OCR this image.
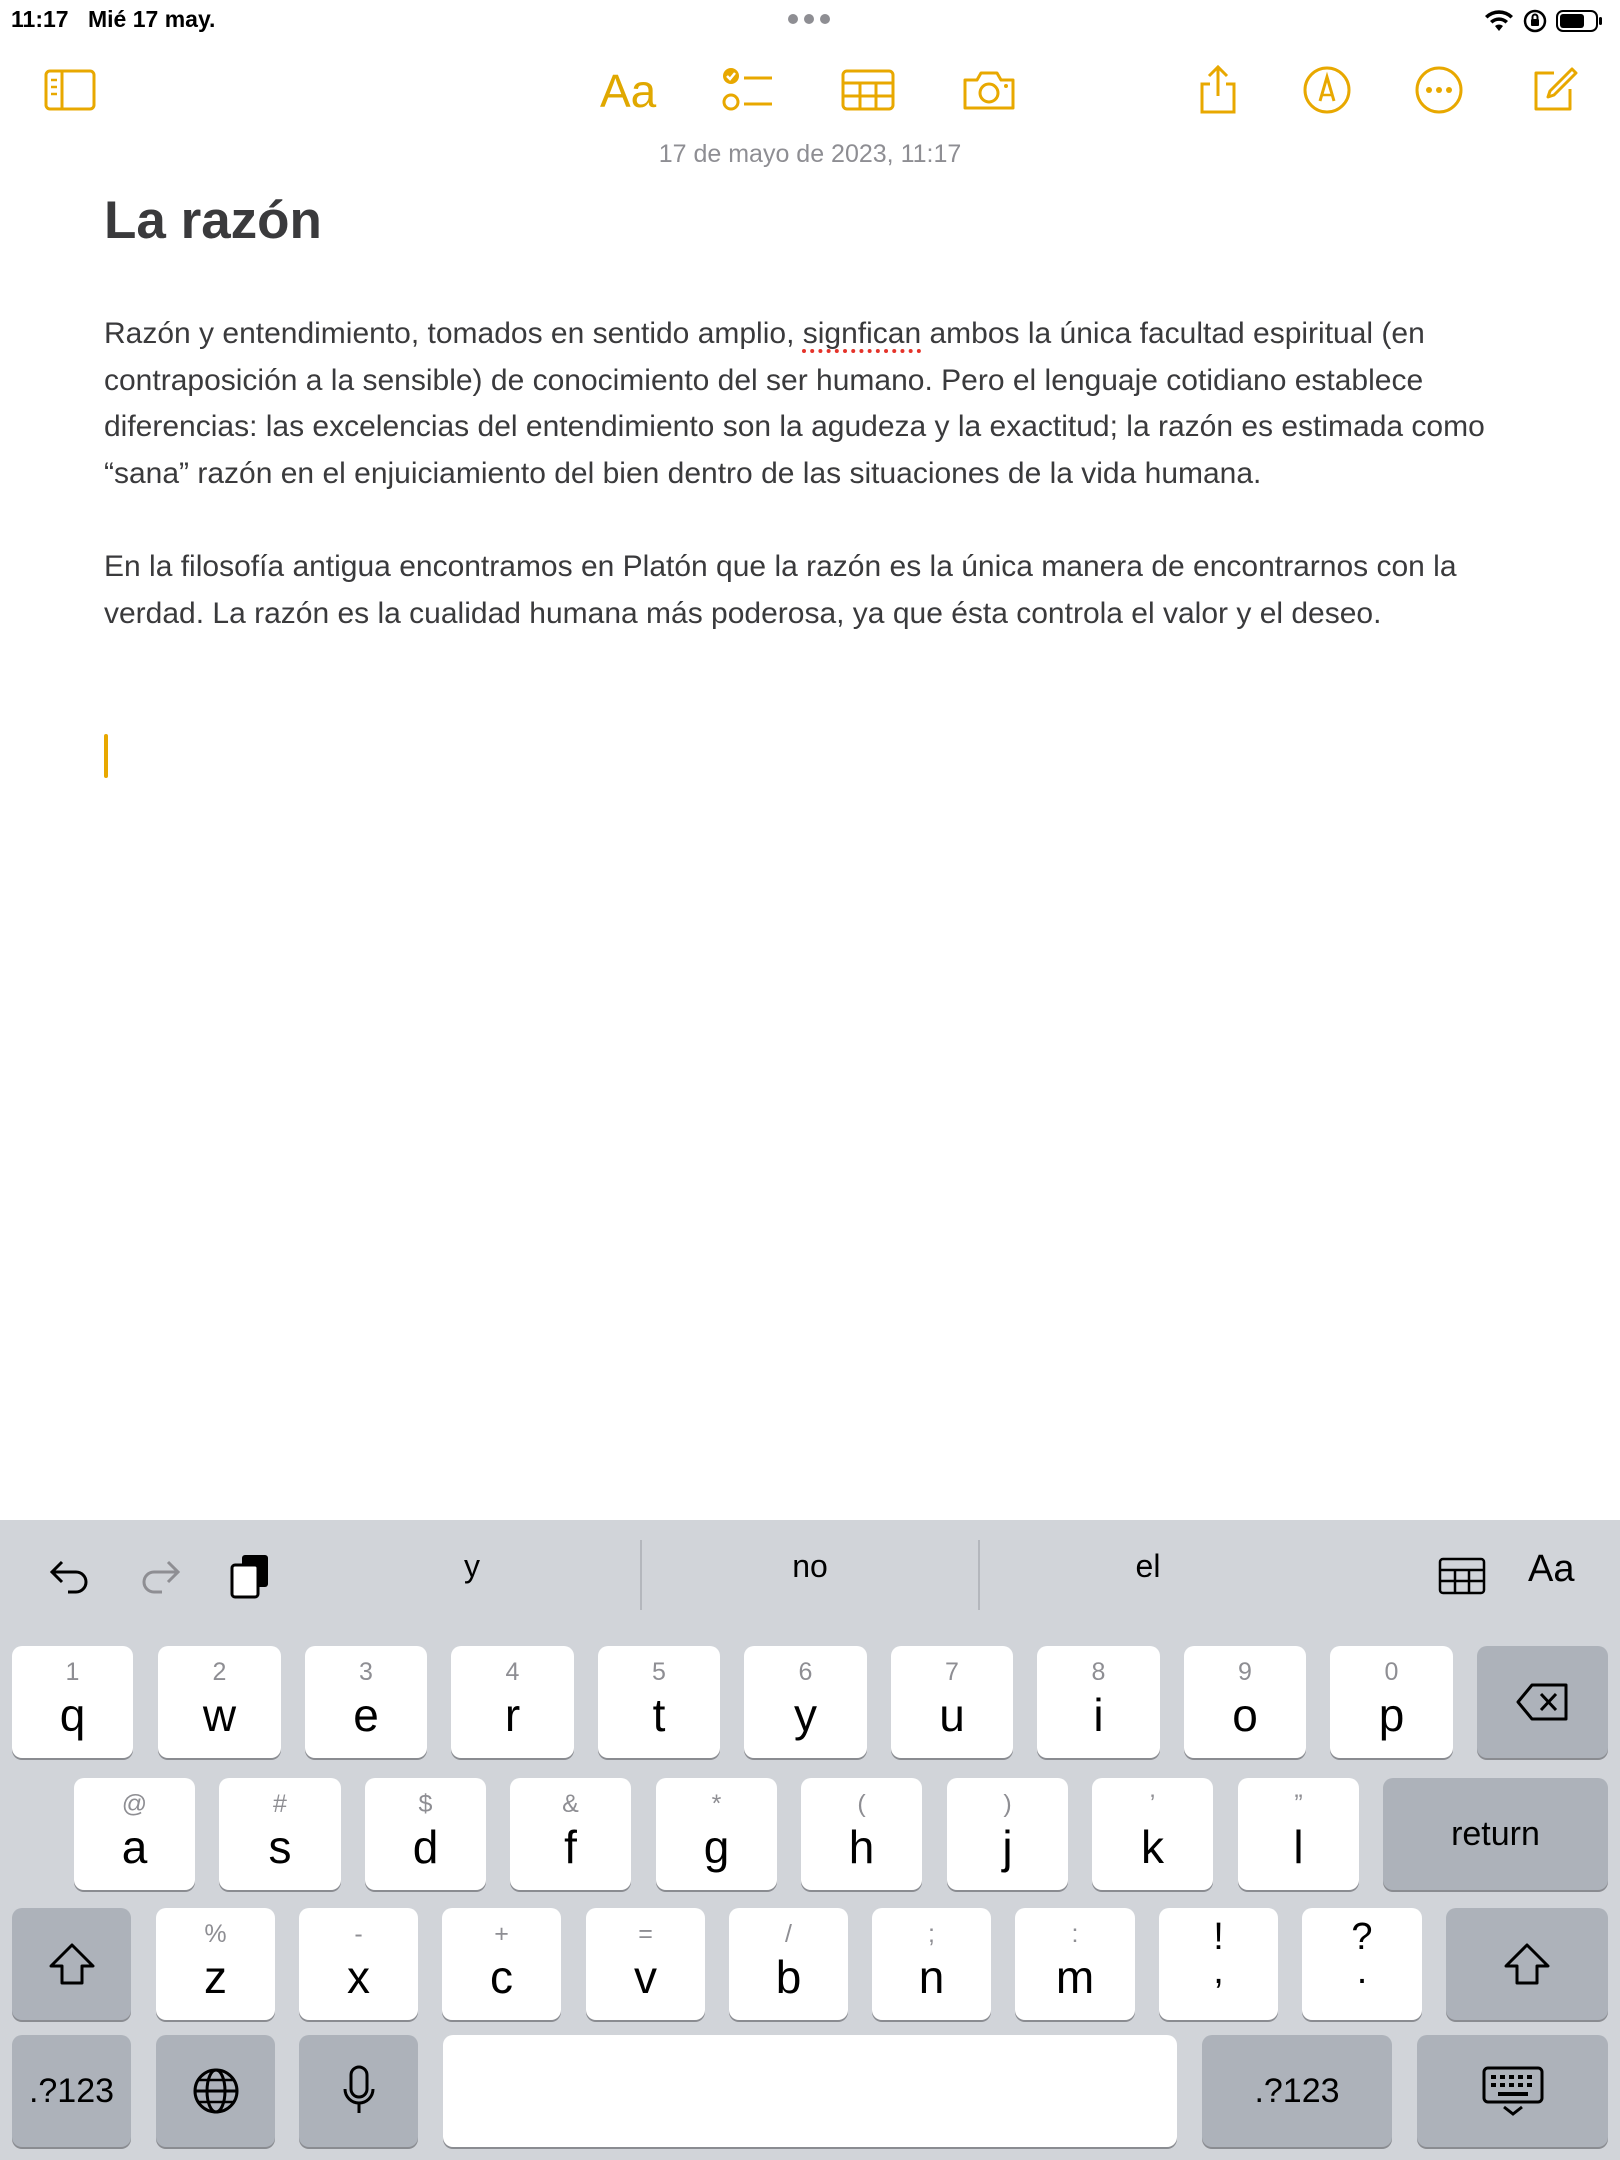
11:17 Mié 17 may.
Aa
17 de mayo de 2023, 11:17
La razón

Razón y entendimiento, tomados en sentido amplio, signfican ambos la única facultad espiritual (en contraposición a la sensible) de conocimiento del ser humano. Pero el lenguaje cotidiano establece diferencias: las excelencias del entendimiento son la agudeza y la exactitud; la razón es estimada como “sana” razón en el enjuiciamiento del bien dentro de las situaciones de la vida humana.

En la filosofía antigua encontramos en Platón que la razón es la única manera de encontrarnos con la verdad. La razón es la cualidad humana más poderosa, ya que ésta controla el valor y el deseo.

y	no	el	Aa
1
q
2
w
3
e
4
r
5
t
6
y
7
u
8
i
9
o
0
p
@
a
#
s
$
d
&
f
*
g
(
h
)
j
’
k
”
l	return
%
z
-
x
+
c
=
v
/
b
;
n
:
m
!
,
?
.
.?123	.?123
